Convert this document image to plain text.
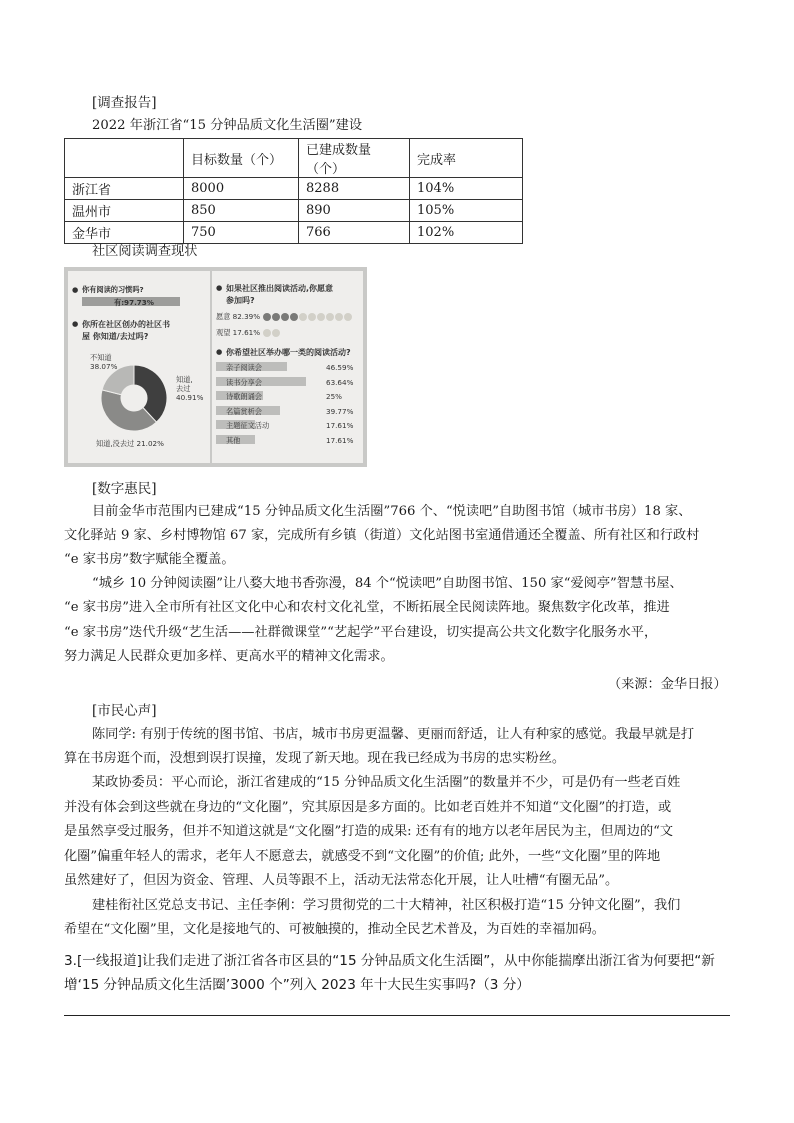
[调查报告]
2022 年浙江省“15 分钟品质文化生活圈”建设
	目标数量（个）	已建成数量（个）	完成率
浙江省	8000	8288	104%
温州市	850	890	105%
金华市	750	766	102%
社区阅读调查现状
● 你有阅读的习惯吗?
有:97.73%
● 你所在社区创办的社区书
屋 你知道/去过吗?
不知道
38.07%
知道,
去过
40.91%
知道,没去过 21.02%
● 如果社区推出阅读活动,你愿意
参加吗?
愿意 82.39%
观望 17.61%
● 你希望社区举办哪一类的阅读活动?
亲子阅读会	46.59%
读书分享会	63.64%
诗歌朗诵会	25%
名篇赏析会	39.77%
主题征文活动	17.61%
其他	17.61%
[数字惠民]
目前金华市范围内已建成“15 分钟品质文化生活圈”766 个、“悦读吧”自助图书馆（城市书房）18 家、
文化驿站 9 家、乡村博物馆 67 家，完成所有乡镇（街道）文化站图书室通借通还全覆盖、所有社区和行政村
“e 家书房”数字赋能全覆盖。
“城乡 10 分钟阅读圈”让八婺大地书香弥漫，84 个“悦读吧”自助图书馆、150 家“爱阅亭”智慧书屋、
“e 家书房”进入全市所有社区文化中心和农村文化礼堂，不断拓展全民阅读阵地。聚焦数字化改革，推进
“e 家书房”迭代升级“艺生活——社群微课堂”“艺起学”平台建设，切实提高公共文化数字化服务水平，
努力满足人民群众更加多样、更高水平的精神文化需求。
（来源：金华日报）
[市民心声]
陈同学: 有别于传统的图书馆、书店，城市书房更温馨、更丽而舒适，让人有种家的感觉。我最早就是打
算在书房逛个而，没想到误打误撞，发现了新天地。现在我已经成为书房的忠实粉丝。
某政协委员：平心而论，浙江省建成的“15 分钟品质文化生活圈”的数量并不少，可是仍有一些老百姓
并没有体会到这些就在身边的“文化圈”，究其原因是多方面的。比如老百姓并不知道“文化圈”的打造，或
是虽然享受过服务，但并不知道这就是“文化圈”打造的成果: 还有有的地方以老年居民为主，但周边的“文
化圈”偏重年轻人的需求，老年人不愿意去，就感受不到“文化圈”的价值; 此外，一些“文化圈”里的阵地
虽然建好了，但因为资金、管理、人员等跟不上，活动无法常态化开展，让人吐槽“有圈无品”。
建桂衔社区党总支书记、主任李俐：学习贯彻党的二十大精神，社区积极打造“15 分钟文化圈”，我们
希望在“文化圈”里，文化是接地气的、可被触摸的，推动全民艺术普及，为百姓的幸福加码。
3.[一线报道]让我们走进了浙江省各市区县的“15 分钟品质文化生活圈”，从中你能揣摩出浙江省为何要把“新
增‘15 分钟品质文化生活圈’3000 个”列入 2023 年十大民生实事吗?（3 分）
